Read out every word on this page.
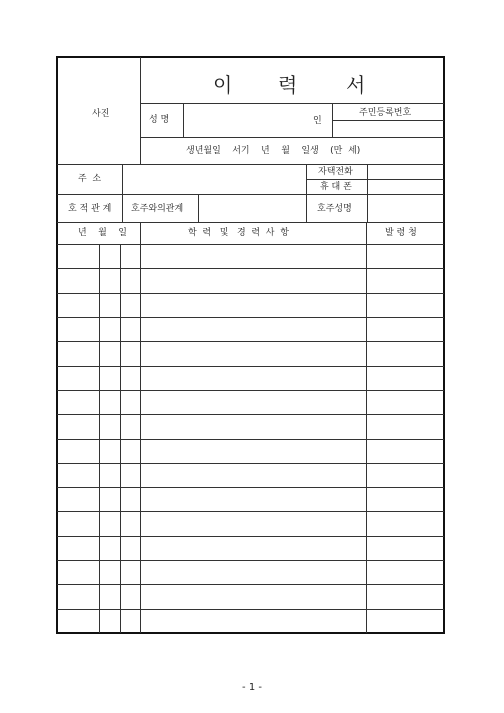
이 력 서
사진
성 명	인
주민등록번호
생년월일    서기    년    월    일생    (만  세)
주  소
자택전화
휴 대 폰
호 적 관 계 호주와의관계	호주성명
년    월    일	학  력   및   경  력  사  항	발 령 청
- 1 -
